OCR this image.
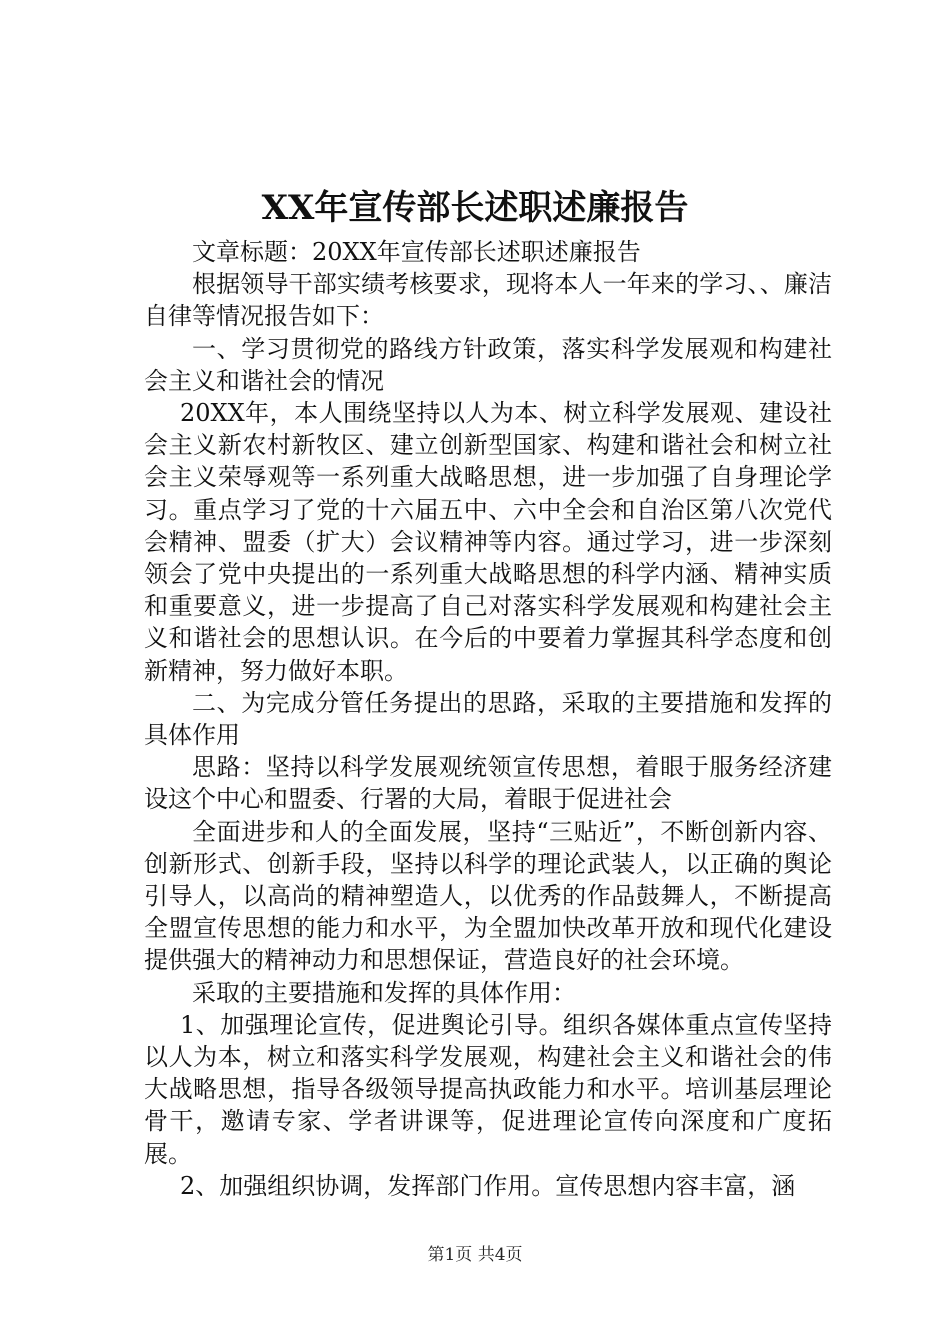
XX年宣传部长述职述廉报告

文章标题：20XX年宣传部长述职述廉报告

根据领导干部实绩考核要求，现将本人一年来的学习、、廉洁自律等情况报告如下：

一、学习贯彻党的路线方针政策，落实科学发展观和构建社会主义和谐社会的情况

20XX年，本人围绕坚持以人为本、树立科学发展观、建设社会主义新农村新牧区、建立创新型国家、构建和谐社会和树立社会主义荣辱观等一系列重大战略思想，进一步加强了自身理论学习。重点学习了党的十六届五中、六中全会和自治区第八次党代会精神、盟委（扩大）会议精神等内容。通过学习，进一步深刻领会了党中央提出的一系列重大战略思想的科学内涵、精神实质和重要意义，进一步提高了自己对落实科学发展观和构建社会主义和谐社会的思想认识。在今后的中要着力掌握其科学态度和创新精神，努力做好本职。

二、为完成分管任务提出的思路，采取的主要措施和发挥的具体作用

思路：坚持以科学发展观统领宣传思想，着眼于服务经济建设这个中心和盟委、行署的大局，着眼于促进社会

全面进步和人的全面发展，坚持“三贴近”，不断创新内容、创新形式、创新手段，坚持以科学的理论武装人，以正确的舆论引导人，以高尚的精神塑造人，以优秀的作品鼓舞人，不断提高全盟宣传思想的能力和水平，为全盟加快改革开放和现代化建设提供强大的精神动力和思想保证，营造良好的社会环境。

采取的主要措施和发挥的具体作用：

1、加强理论宣传，促进舆论引导。组织各媒体重点宣传坚持以人为本，树立和落实科学发展观，构建社会主义和谐社会的伟大战略思想，指导各级领导提高执政能力和水平。培训基层理论骨干，邀请专家、学者讲课等，促进理论宣传向深度和广度拓展。

2、加强组织协调，发挥部门作用。宣传思想内容丰富，涵

第1页 共4页
